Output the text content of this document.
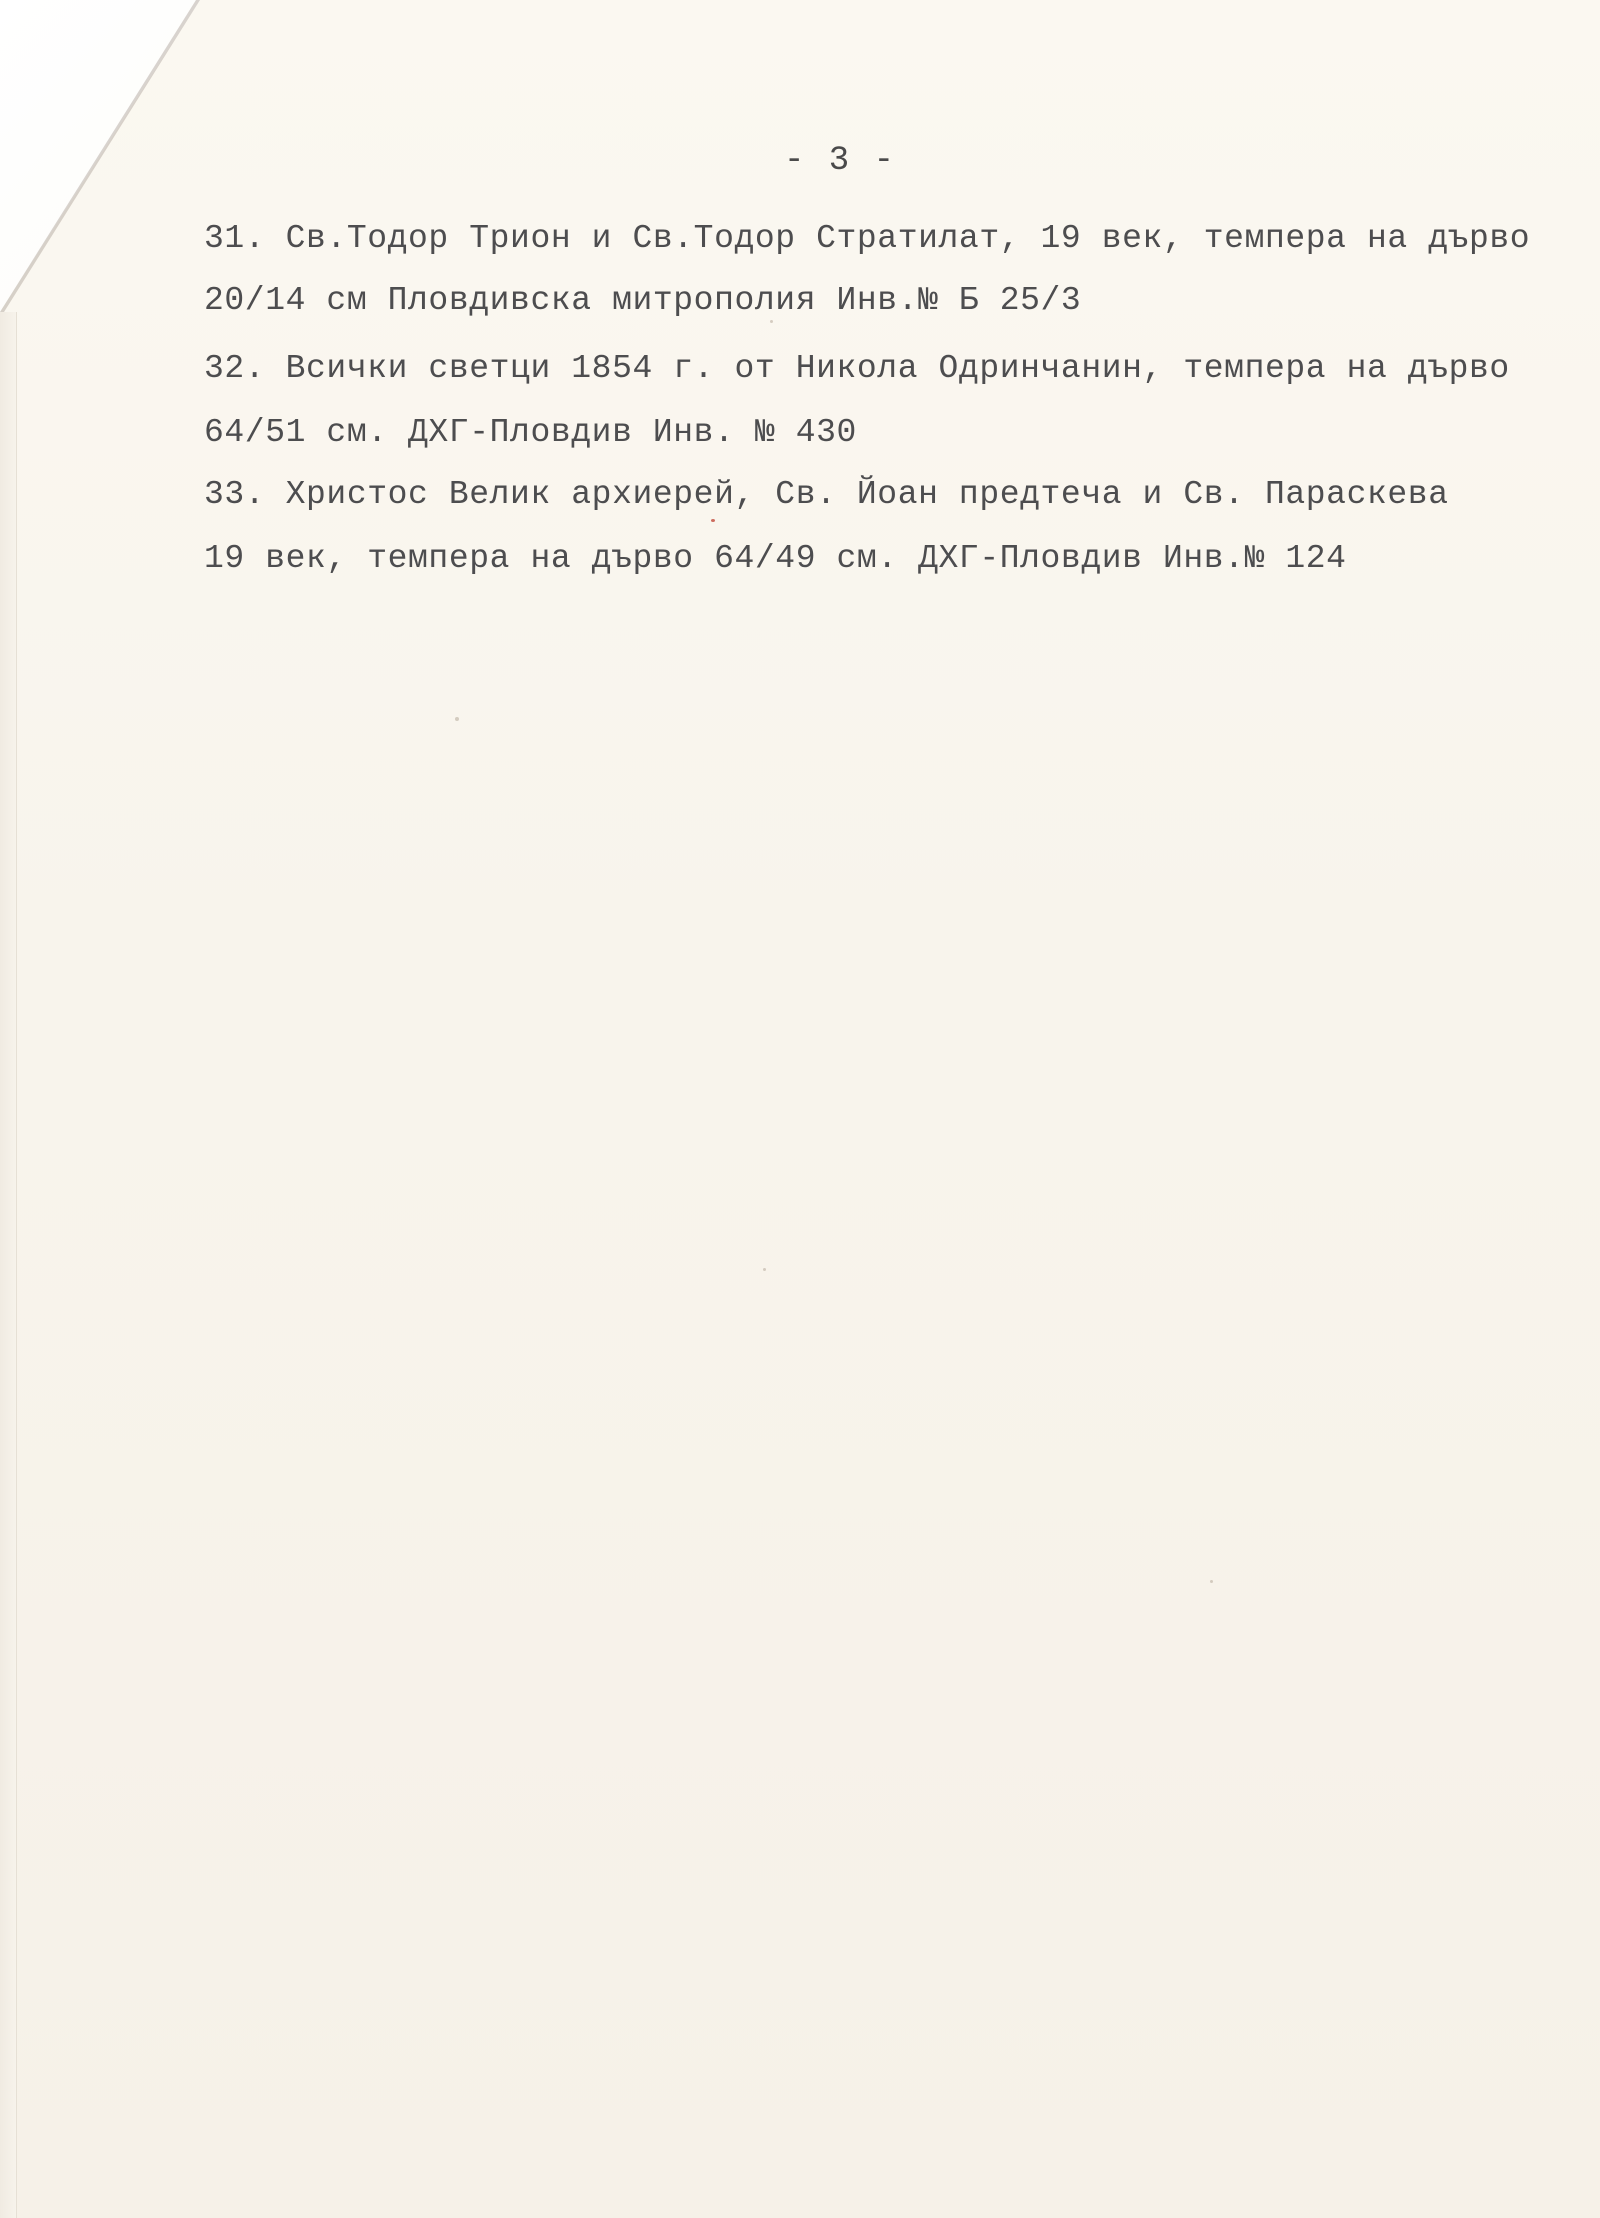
- 3 -
31. Св.Тодор Трион и Св.Тодор Стратилат, 19 век, темпера на дърво
20/14 см Пловдивска митрополия Инв.№ Б 25/3
32. Всички светци 1854 г. от Никола Одринчанин, темпера на дърво
64/51 см. ДХГ-Пловдив Инв. № 430
33. Христос Велик архиерей, Св. Йоан предтеча и Св. Параскева
19 век, темпера на дърво 64/49 см. ДХГ-Пловдив Инв.№ 124
